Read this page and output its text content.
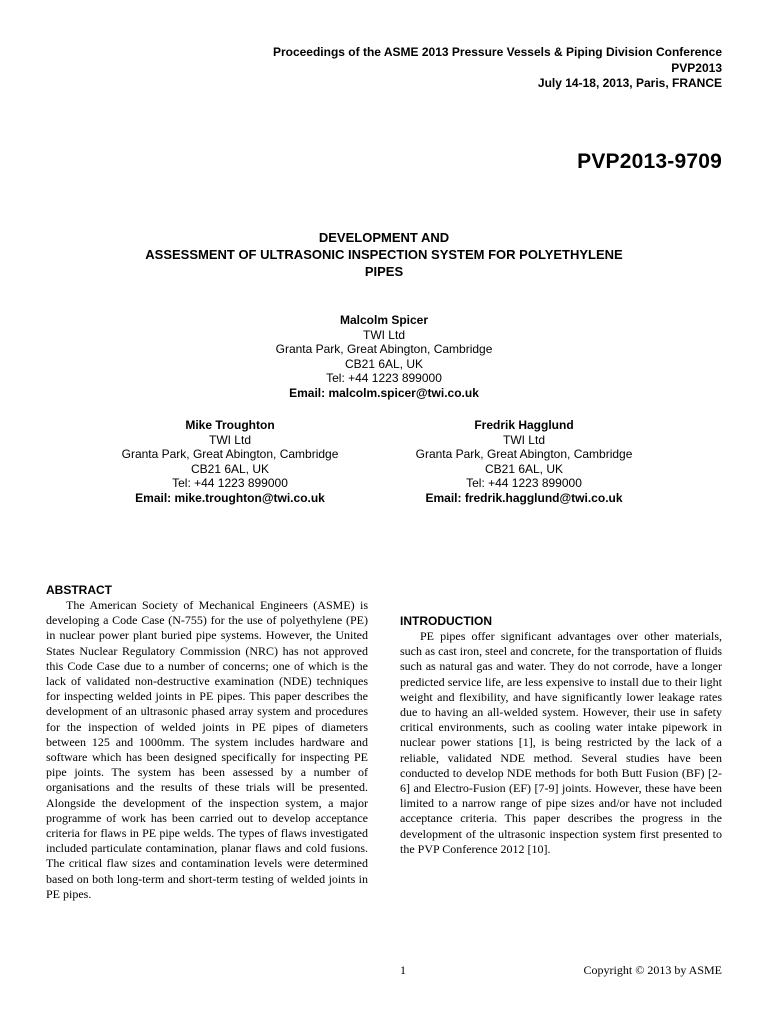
Proceedings of the ASME 2013 Pressure Vessels & Piping Division Conference
PVP2013
July 14-18, 2013, Paris, FRANCE
PVP2013-9709
DEVELOPMENT AND
ASSESSMENT OF ULTRASONIC INSPECTION SYSTEM FOR POLYETHYLENE
PIPES
Malcolm Spicer
TWI Ltd
Granta Park, Great Abington, Cambridge
CB21 6AL, UK
Tel: +44 1223 899000
Email: malcolm.spicer@twi.co.uk
Mike Troughton
TWI Ltd
Granta Park, Great Abington, Cambridge
CB21 6AL, UK
Tel: +44 1223 899000
Email: mike.troughton@twi.co.uk
Fredrik Hagglund
TWI Ltd
Granta Park, Great Abington, Cambridge
CB21 6AL, UK
Tel: +44 1223 899000
Email: fredrik.hagglund@twi.co.uk
ABSTRACT

The American Society of Mechanical Engineers (ASME) is developing a Code Case (N-755) for the use of polyethylene (PE) in nuclear power plant buried pipe systems. However, the United States Nuclear Regulatory Commission (NRC) has not approved this Code Case due to a number of concerns; one of which is the lack of validated non-destructive examination (NDE) techniques for inspecting welded joints in PE pipes. This paper describes the development of an ultrasonic phased array system and procedures for the inspection of welded joints in PE pipes of diameters between 125 and 1000mm. The system includes hardware and software which has been designed specifically for inspecting PE pipe joints. The system has been assessed by a number of organisations and the results of these trials will be presented. Alongside the development of the inspection system, a major programme of work has been carried out to develop acceptance criteria for flaws in PE pipe welds. The types of flaws investigated included particulate contamination, planar flaws and cold fusions. The critical flaw sizes and contamination levels were determined based on both long-term and short-term testing of welded joints in PE pipes.

INTRODUCTION

PE pipes offer significant advantages over other materials, such as cast iron, steel and concrete, for the transportation of fluids such as natural gas and water. They do not corrode, have a longer predicted service life, are less expensive to install due to their light weight and flexibility, and have significantly lower leakage rates due to having an all-welded system. However, their use in safety critical environments, such as cooling water intake pipework in nuclear power stations [1], is being restricted by the lack of a reliable, validated NDE method. Several studies have been conducted to develop NDE methods for both Butt Fusion (BF) [2-6] and Electro-Fusion (EF) [7-9] joints. However, these have been limited to a narrow range of pipe sizes and/or have not included acceptance criteria. This paper describes the progress in the development of the ultrasonic inspection system first presented to the PVP Conference 2012 [10].

1	Copyright © 2013 by ASME
